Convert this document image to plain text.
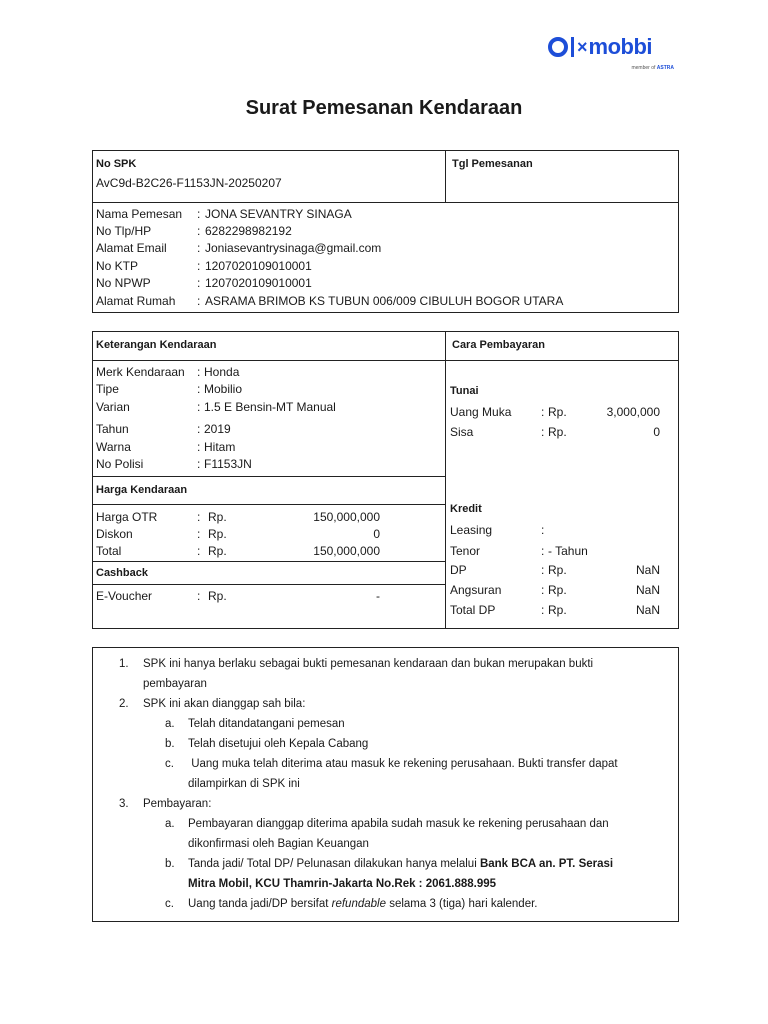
× mobbi
member of ASTRA
Surat Pemesanan Kendaraan
No SPK
AvC9d-B2C26-F1153JN-20250207
Tgl Pemesanan
Nama Pemesan : JONA SEVANTRY SINAGA
No Tlp/HP	: 6282298982192
Alamat Email	: Joniasevantrysinaga@gmail.com
No KTP	: 1207020109010001
No NPWP	: 1207020109010001
Alamat Rumah : ASRAMA BRIMOB KS TUBUN 006/009 CIBULUH BOGOR UTARA
Keterangan Kendaraan	Cara Pembayaran
Harga Kendaraan
Cashback
Tunai
Kredit
Merk Kendaraan : Honda
Tipe	: Mobilio
Varian	: 1.5 E Bensin-MT Manual
Tahun	: 2019
Warna	: Hitam
No Polisi	: F1153JN
Harga OTR	: Rp.	150,000,000
Diskon	: Rp.	0
Total	: Rp.	150,000,000
E-Voucher	: Rp.	-
Uang Muka : Rp.	3,000,000
Sisa	: Rp.	0
Leasing	:
Tenor	: - Tahun
DP	: Rp.	NaN
Angsuran	: Rp.	NaN
Total DP	: Rp.	NaN
1. SPK ini hanya berlaku sebagai bukti pemesanan kendaraan dan bukan merupakan bukti
pembayaran
2. SPK ini akan dianggap sah bila:
a. Telah ditandatangani pemesan
b. Telah disetujui oleh Kepala Cabang
c. Uang muka telah diterima atau masuk ke rekening perusahaan. Bukti transfer dapat
dilampirkan di SPK ini
3. Pembayaran:
a. Pembayaran dianggap diterima apabila sudah masuk ke rekening perusahaan dan
dikonfirmasi oleh Bagian Keuangan
b. Tanda jadi/ Total DP/ Pelunasan dilakukan hanya melalui Bank BCA an. PT. Serasi
Mitra Mobil, KCU Thamrin-Jakarta No.Rek : 2061.888.995
c. Uang tanda jadi/DP bersifat refundable selama 3 (tiga) hari kalender.
